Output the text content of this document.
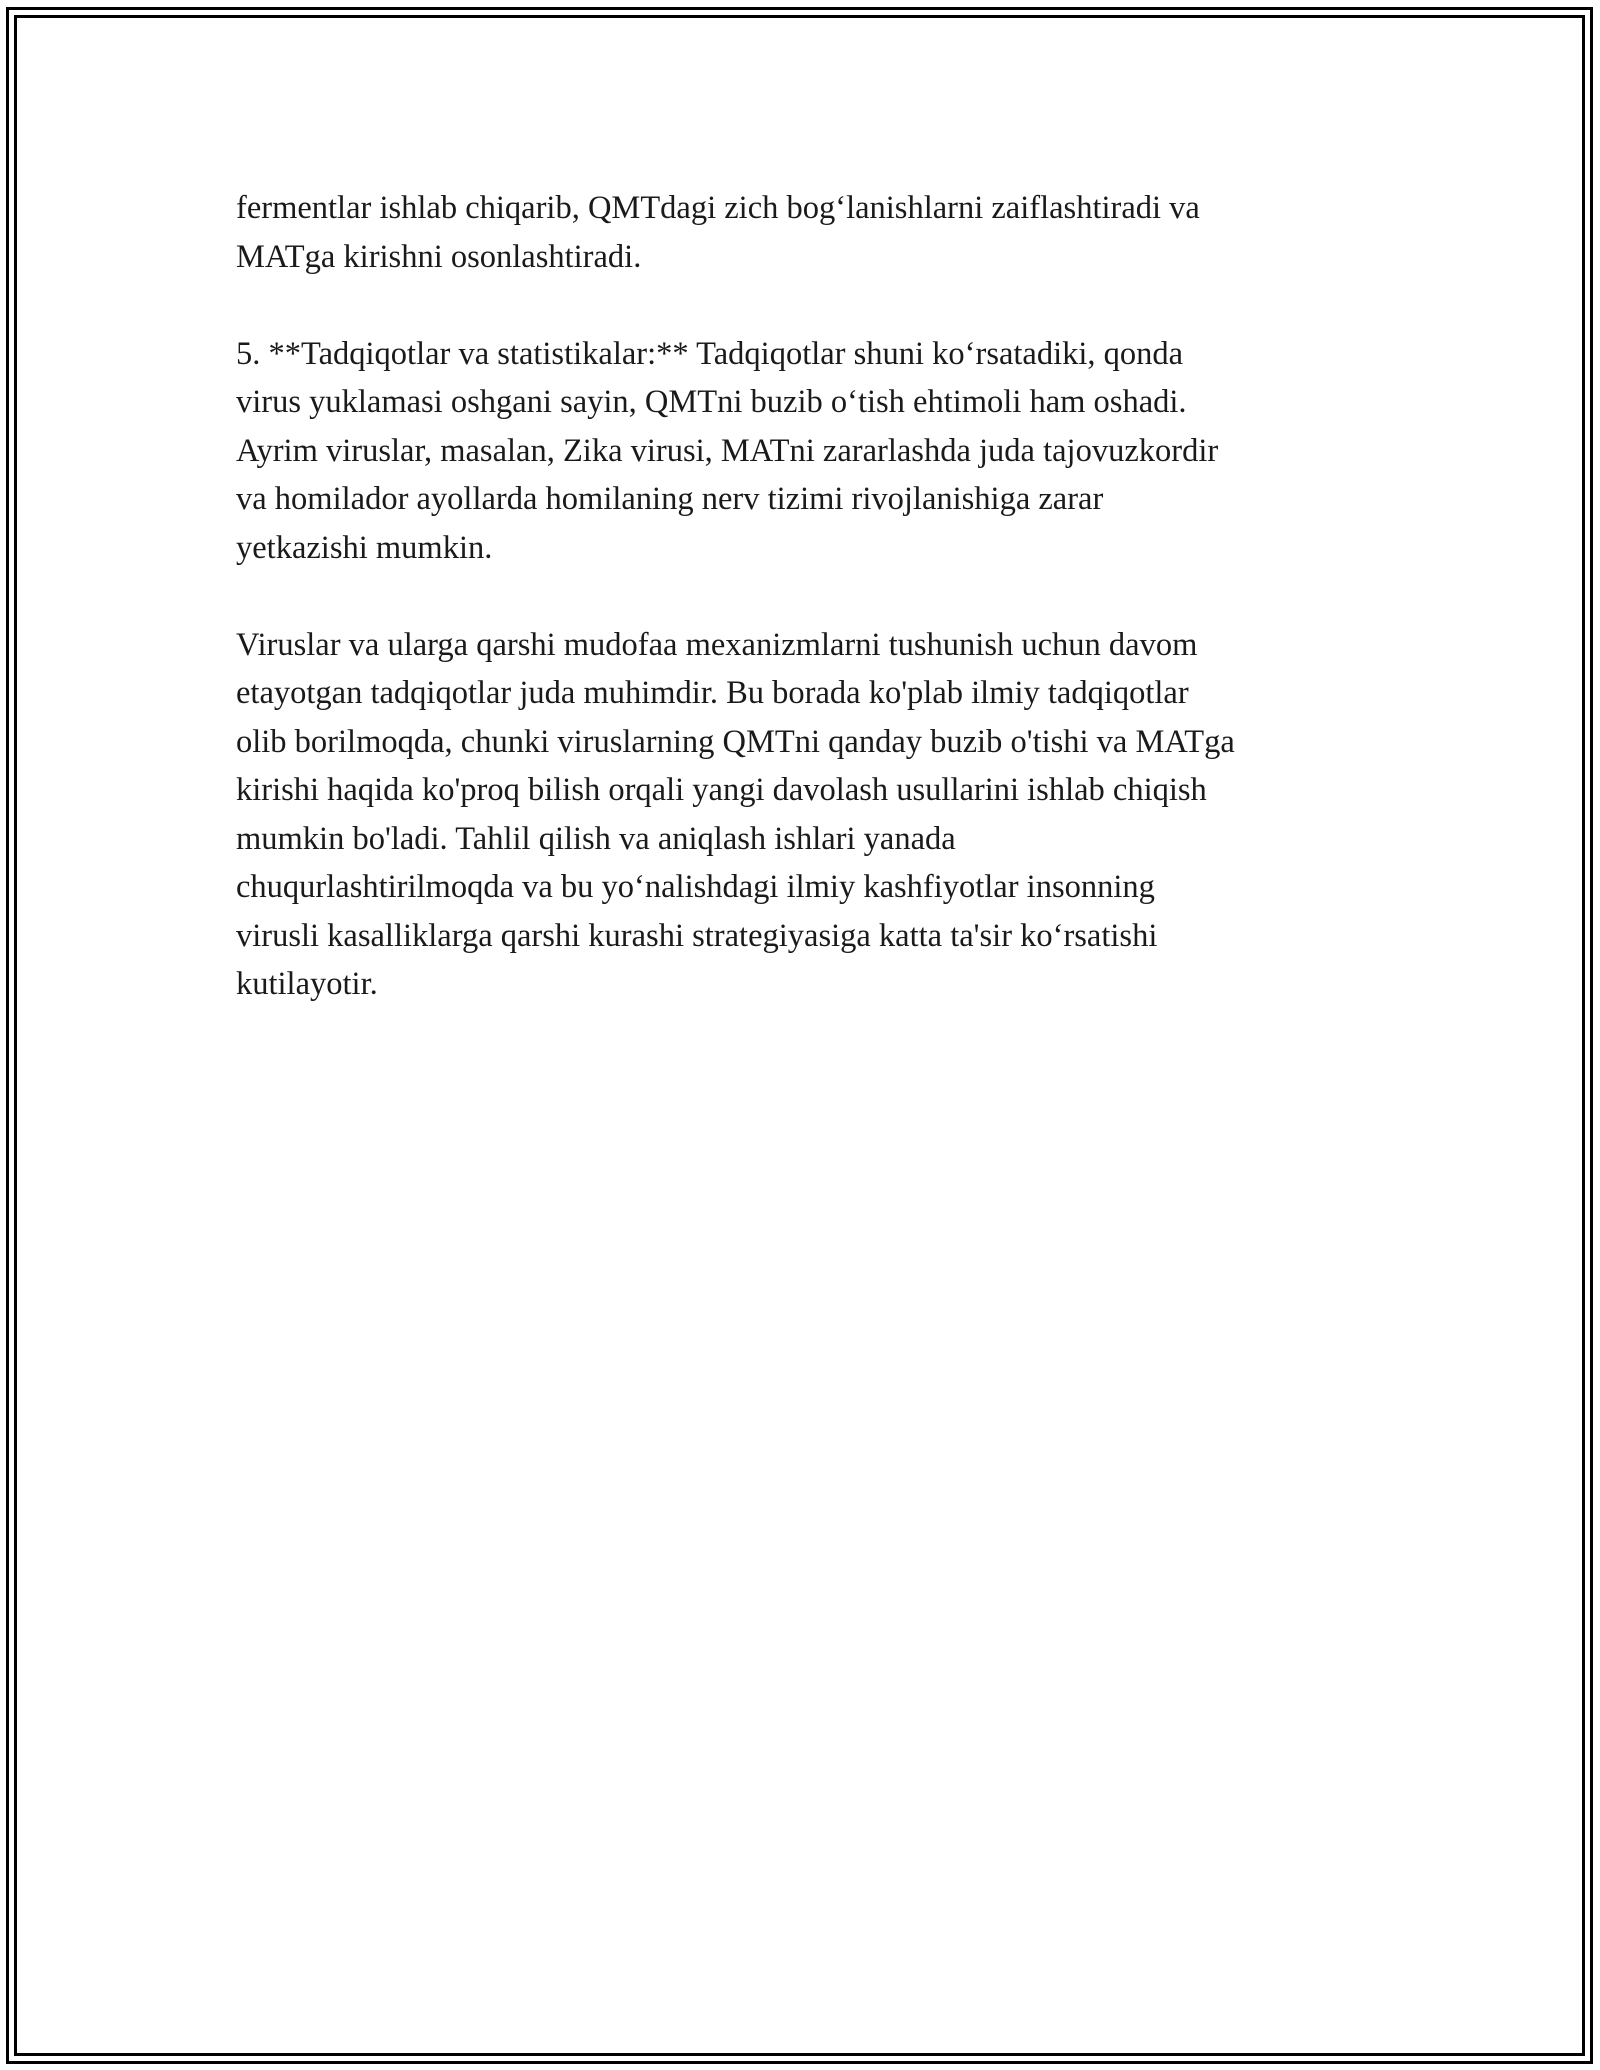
fermentlar ishlab chiqarib, QMTdagi zich bog‘lanishlarni zaiflashtiradi va
MATga kirishni osonlashtiradi.

5. **Tadqiqotlar va statistikalar:** Tadqiqotlar shuni ko‘rsatadiki, qonda
virus yuklamasi oshgani sayin, QMTni buzib o‘tish ehtimoli ham oshadi.
Ayrim viruslar, masalan, Zika virusi, MATni zararlashda juda tajovuzkordir
va homilador ayollarda homilaning nerv tizimi rivojlanishiga zarar
yetkazishi mumkin.

Viruslar va ularga qarshi mudofaa mexanizmlarni tushunish uchun davom
etayotgan tadqiqotlar juda muhimdir. Bu borada ko'plab ilmiy tadqiqotlar
olib borilmoqda, chunki viruslarning QMTni qanday buzib o'tishi va MATga
kirishi haqida ko'proq bilish orqali yangi davolash usullarini ishlab chiqish
mumkin bo'ladi. Tahlil qilish va aniqlash ishlari yanada
chuqurlashtirilmoqda va bu yo‘nalishdagi ilmiy kashfiyotlar insonning
virusli kasalliklarga qarshi kurashi strategiyasiga katta ta'sir ko‘rsatishi
kutilayotir.
